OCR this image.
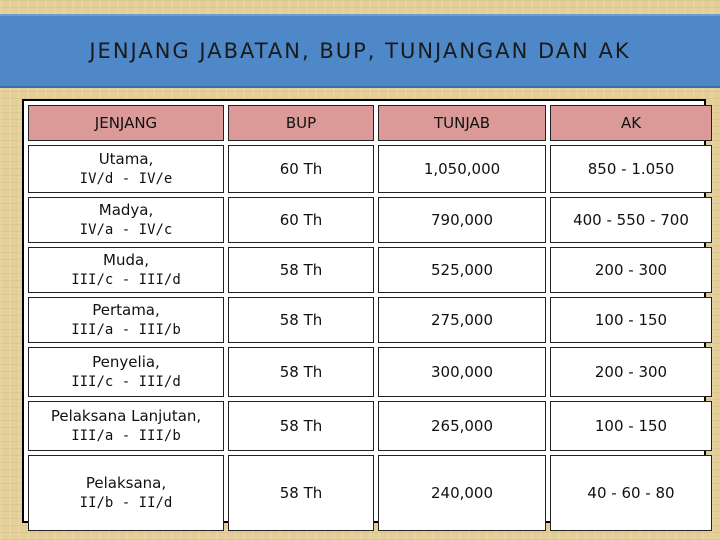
JENJANG JABATAN, BUP, TUNJANGAN DAN AK
JENJANG	BUP	TUNJAB	AK
Utama,
IV/d - IV/e	60 Th	1,050,000	850 - 1.050
Madya,
IV/a - IV/c	60 Th	790,000	400 - 550 - 700
Muda,
III/c - III/d	58 Th	525,000	200 - 300
Pertama,
III/a - III/b	58 Th	275,000	100 - 150
Penyelia,
III/c - III/d	58 Th	300,000	200 - 300
Pelaksana Lanjutan,
III/a - III/b	58 Th	265,000	100 - 150
Pelaksana,
II/b - II/d	58 Th	240,000	40 - 60 - 80
